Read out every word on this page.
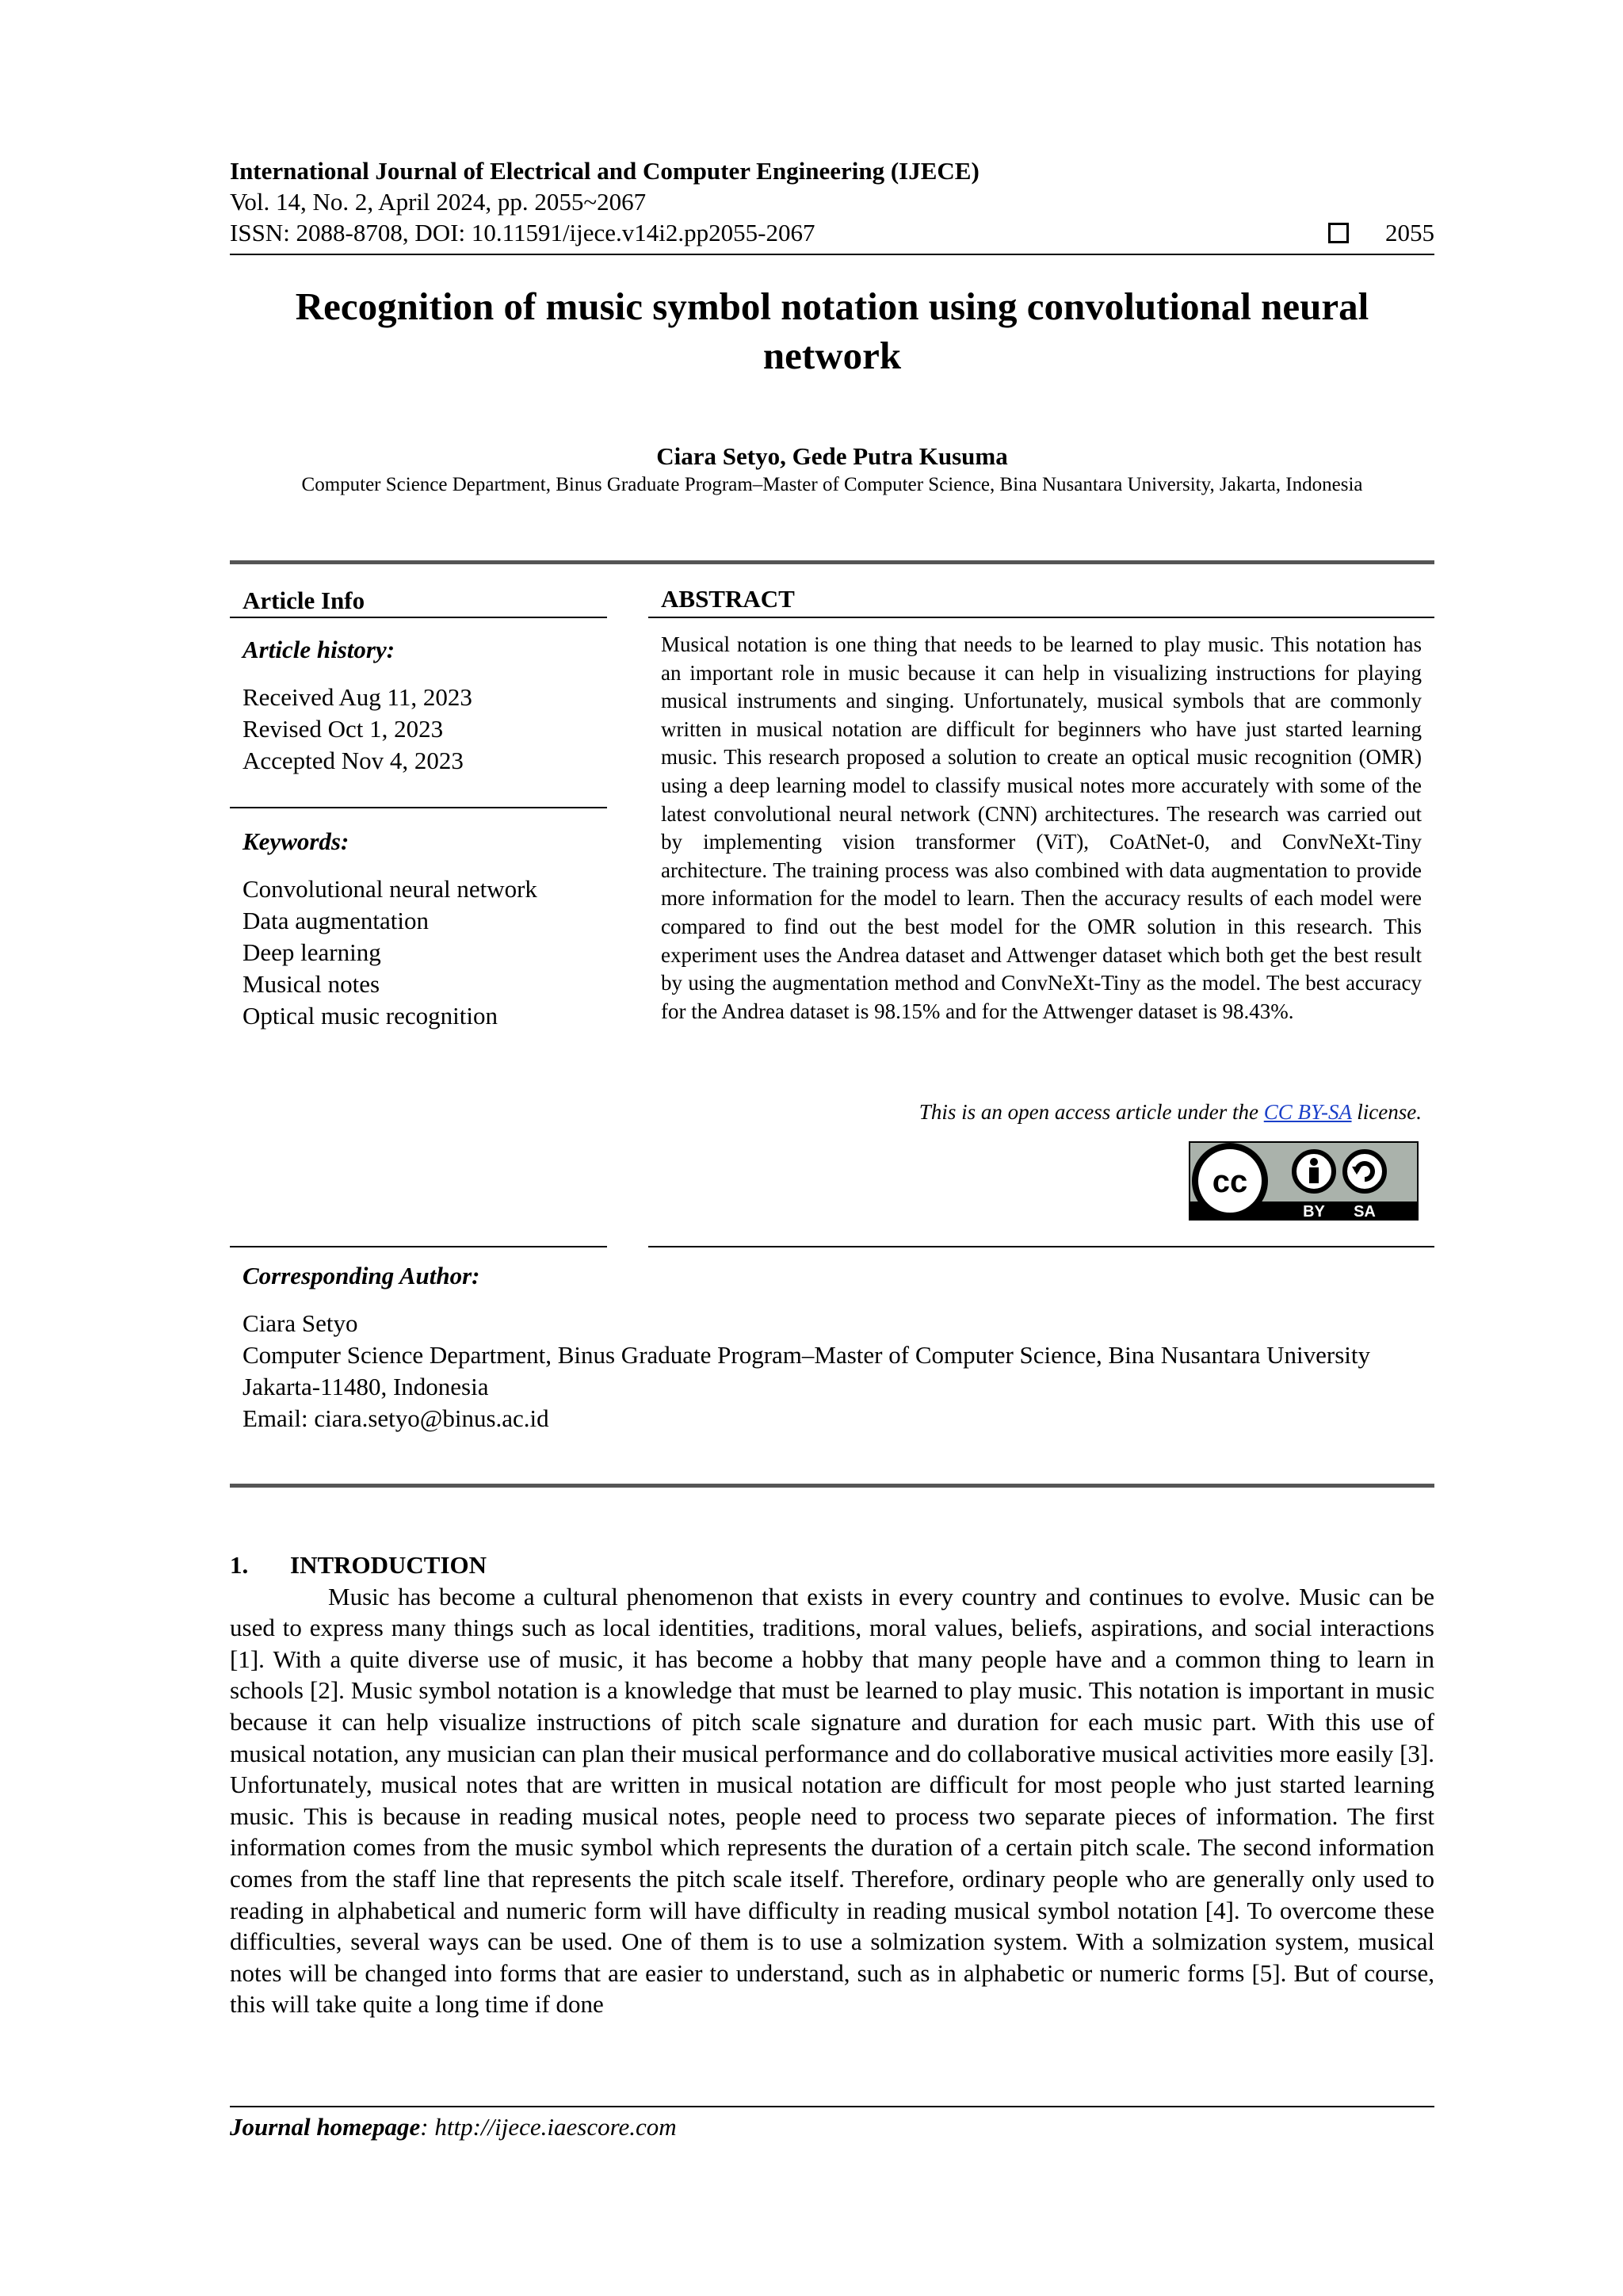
International Journal of Electrical and Computer Engineering (IJECE)
Vol. 14, No. 2, April 2024, pp. 2055~2067
ISSN: 2088-8708, DOI: 10.11591/ijece.v14i2.pp2055-2067	2055
Recognition of music symbol notation using convolutional neural network
Ciara Setyo, Gede Putra Kusuma
Computer Science Department, Binus Graduate Program–Master of Computer Science, Bina Nusantara University, Jakarta, Indonesia
Article Info
Article history:
Received Aug 11, 2023
Revised Oct 1, 2023
Accepted Nov 4, 2023
Keywords:
Convolutional neural network
Data augmentation
Deep learning
Musical notes
Optical music recognition
ABSTRACT
Musical notation is one thing that needs to be learned to play music. This notation has an important role in music because it can help in visualizing instructions for playing musical instruments and singing. Unfortunately, musical symbols that are commonly written in musical notation are difficult for beginners who have just started learning music. This research proposed a solution to create an optical music recognition (OMR) using a deep learning model to classify musical notes more accurately with some of the latest convolutional neural network (CNN) architectures. The research was carried out by implementing vision transformer (ViT), CoAtNet-0, and ConvNeXt-Tiny architecture. The training process was also combined with data augmentation to provide more information for the model to learn. Then the accuracy results of each model were compared to find out the best model for the OMR solution in this research. This experiment uses the Andrea dataset and Attwenger dataset which both get the best result by using the augmentation method and ConvNeXt-Tiny as the model. The best accuracy for the Andrea dataset is 98.15% and for the Attwenger dataset is 98.43%.
This is an open access article under the CC BY-SA license.
cc
BY SA
Corresponding Author:
Ciara Setyo
Computer Science Department, Binus Graduate Program–Master of Computer Science, Bina Nusantara University
Jakarta-11480, Indonesia
Email: ciara.setyo@binus.ac.id
1. INTRODUCTION

Music has become a cultural phenomenon that exists in every country and continues to evolve. Music can be used to express many things such as local identities, traditions, moral values, beliefs, aspirations, and social interactions [1]. With a quite diverse use of music, it has become a hobby that many people have and a common thing to learn in schools [2]. Music symbol notation is a knowledge that must be learned to play music. This notation is important in music because it can help visualize instructions of pitch scale signature and duration for each music part. With this use of musical notation, any musician can plan their musical performance and do collaborative musical activities more easily [3]. Unfortunately, musical notes that are written in musical notation are difficult for most people who just started learning music. This is because in reading musical notes, people need to process two separate pieces of information. The first information comes from the music symbol which represents the duration of a certain pitch scale. The second information comes from the staff line that represents the pitch scale itself. Therefore, ordinary people who are generally only used to reading in alphabetical and numeric form will have difficulty in reading musical symbol notation [4]. To overcome these difficulties, several ways can be used. One of them is to use a solmization system. With a solmization system, musical notes will be changed into forms that are easier to understand, such as in alphabetic or numeric forms [5]. But of course, this will take quite a long time if done

Journal homepage: http://ijece.iaescore.com
